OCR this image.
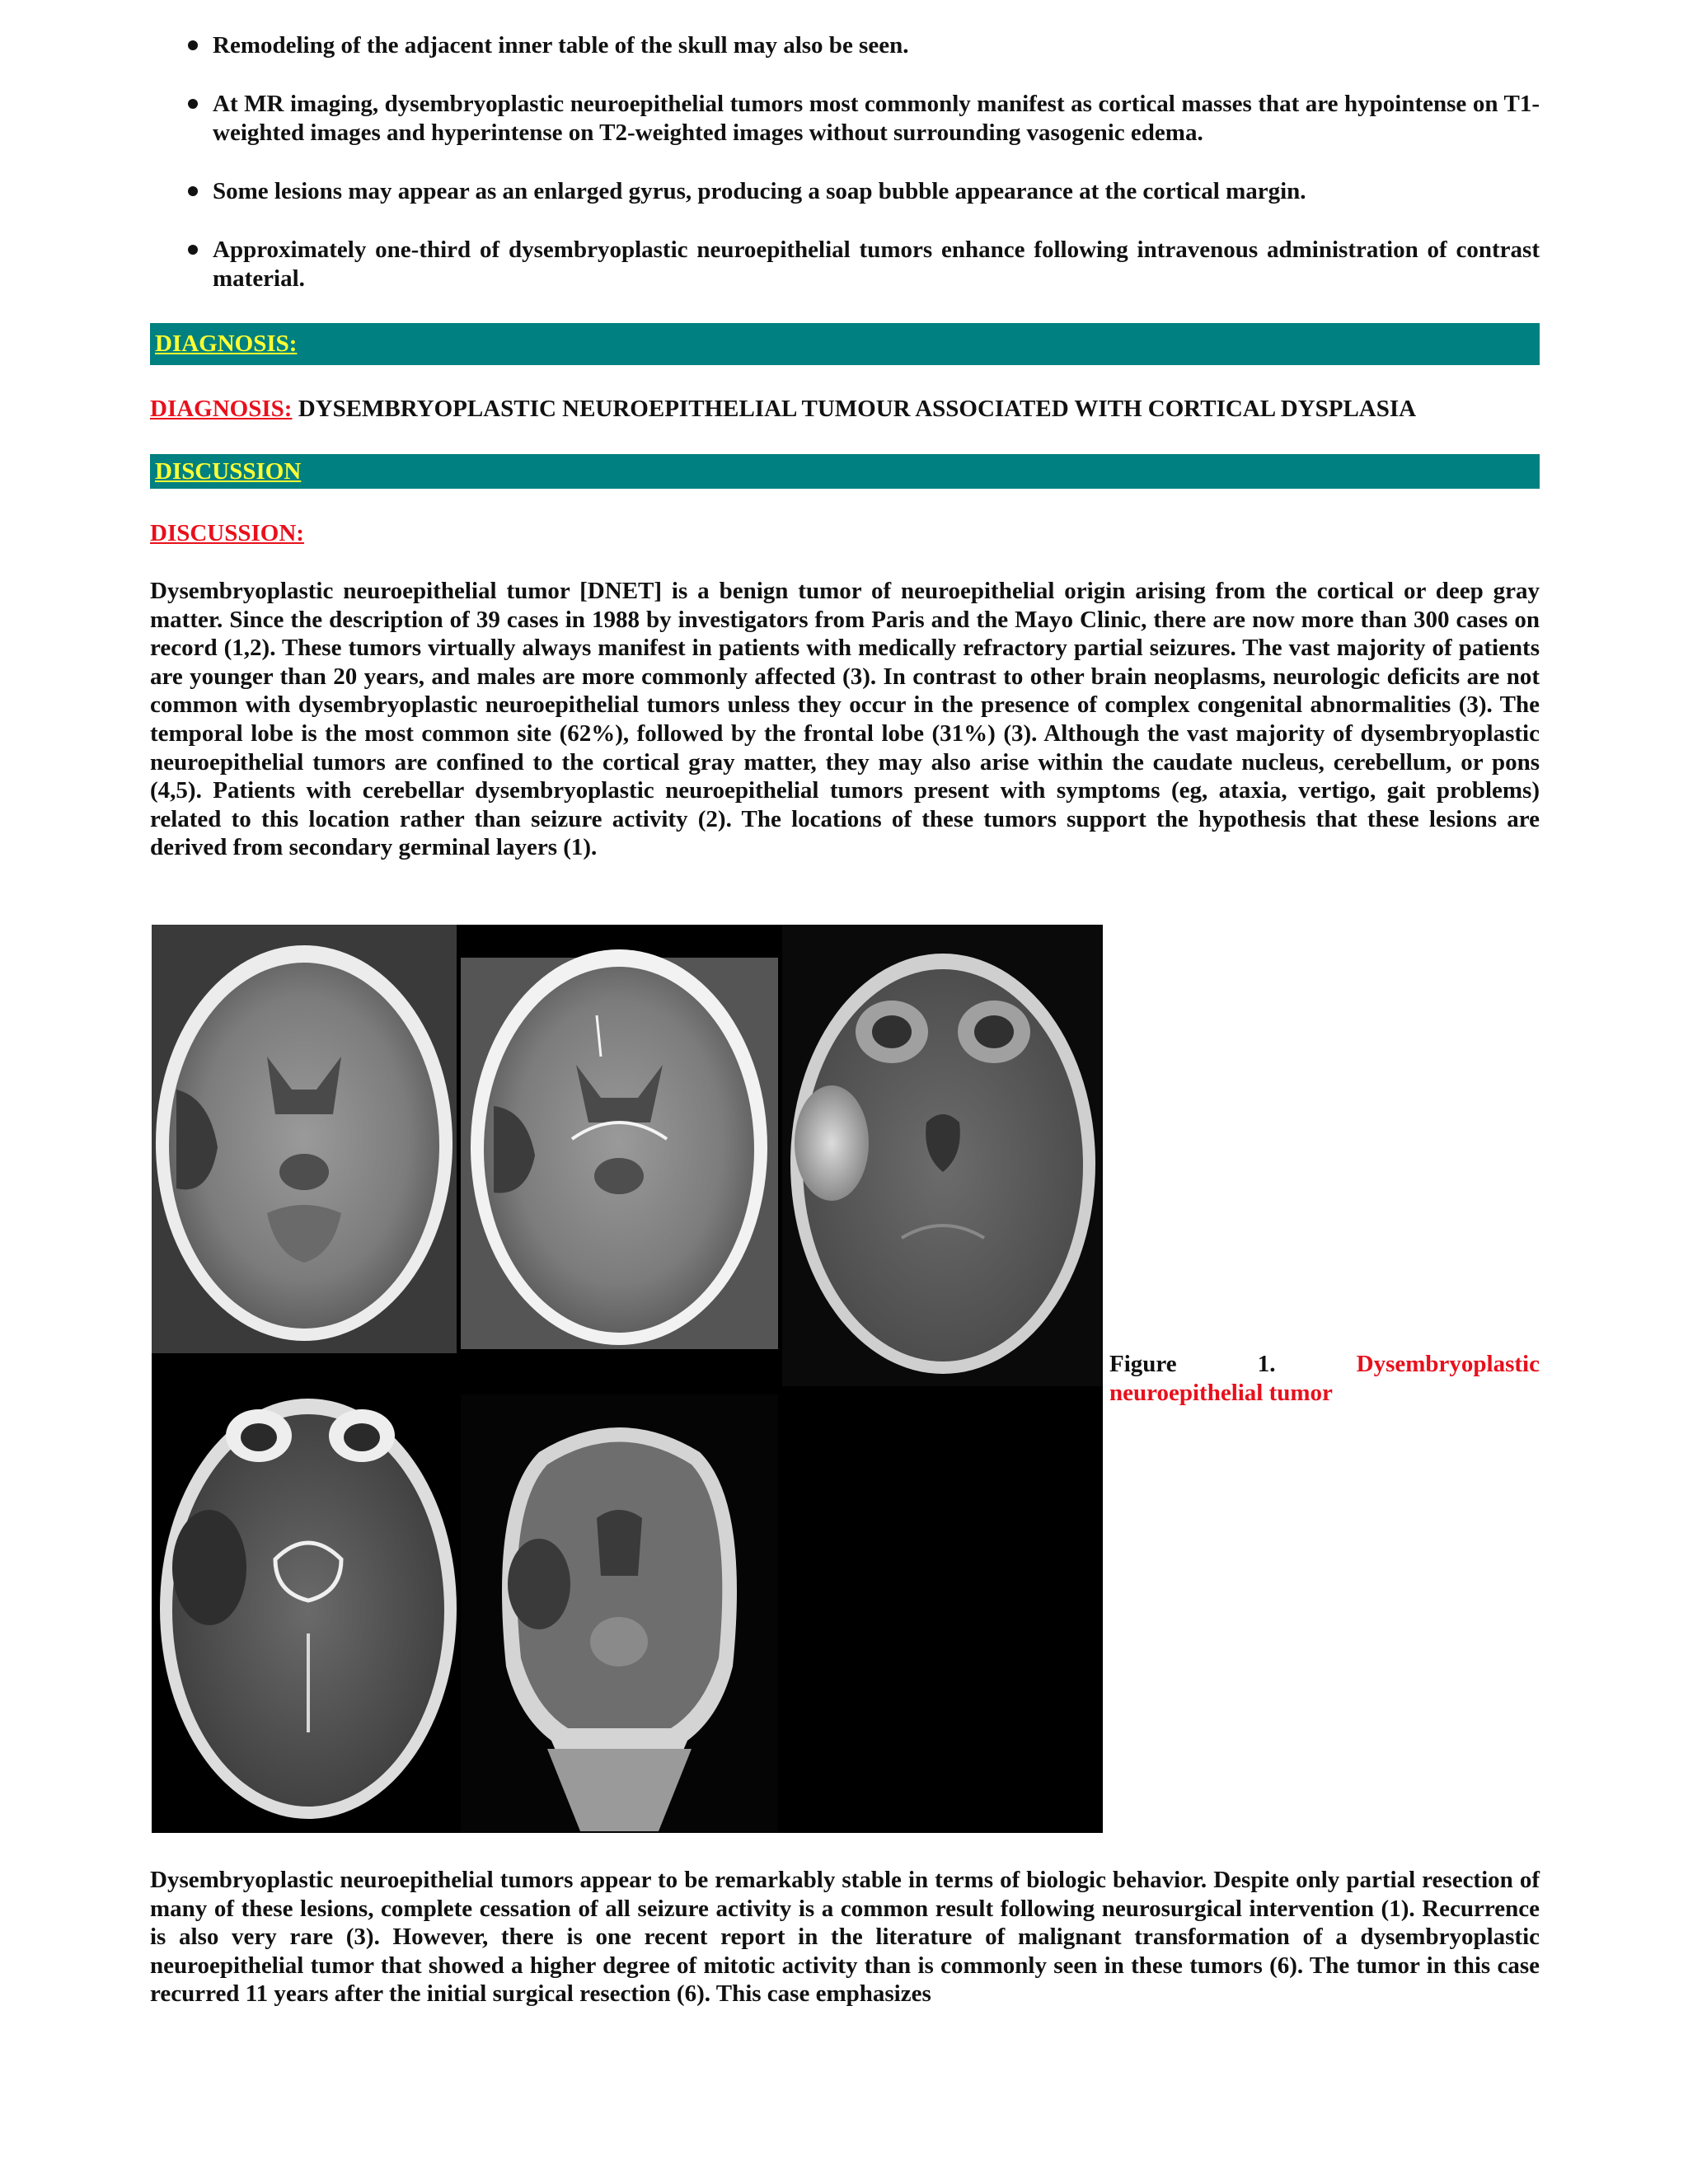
Remodeling of the adjacent inner table of the skull may also be seen.
At MR imaging, dysembryoplastic neuroepithelial tumors most commonly manifest as cortical masses that are hypointense on T1-weighted images and hyperintense on T2-weighted images without surrounding vasogenic edema.
Some lesions may appear as an enlarged gyrus, producing a soap bubble appearance at the cortical margin.
Approximately one-third of dysembryoplastic neuroepithelial tumors enhance following intravenous administration of contrast material.
DIAGNOSIS:
DIAGNOSIS: DYSEMBRYOPLASTIC NEUROEPITHELIAL TUMOUR ASSOCIATED WITH CORTICAL DYSPLASIA
DISCUSSION
DISCUSSION:

Dysembryoplastic neuroepithelial tumor [DNET] is a benign tumor of neuroepithelial origin arising from the cortical or deep gray matter. Since the description of 39 cases in 1988 by investigators from Paris and the Mayo Clinic, there are now more than 300 cases on record (1,2). These tumors virtually always manifest in patients with medically refractory partial seizures. The vast majority of patients are younger than 20 years, and males are more commonly affected (3). In contrast to other brain neoplasms, neurologic deficits are not common with dysembryoplastic neuroepithelial tumors unless they occur in the presence of complex congenital abnormalities (3). The temporal lobe is the most common site (62%), followed by the frontal lobe (31%) (3). Although the vast majority of dysembryoplastic neuroepithelial tumors are confined to the cortical gray matter, they may also arise within the caudate nucleus, cerebellum, or pons (4,5). Patients with cerebellar dysembryoplastic neuroepithelial tumors present with symptoms (eg, ataxia, vertigo, gait problems) related to this location rather than seizure activity (2). The locations of these tumors support the hypothesis that these lesions are derived from secondary germinal layers (1).

Figure	1.	Dysembryoplastic
neuroepithelial tumor

Dysembryoplastic neuroepithelial tumors appear to be remarkably stable in terms of biologic behavior. Despite only partial resection of many of these lesions, complete cessation of all seizure activity is a common result following neurosurgical intervention (1). Recurrence is also very rare (3). However, there is one recent report in the literature of malignant transformation of a dysembryoplastic neuroepithelial tumor that showed a higher degree of mitotic activity than is commonly seen in these tumors (6). The tumor in this case recurred 11 years after the initial surgical resection (6). This case emphasizes
